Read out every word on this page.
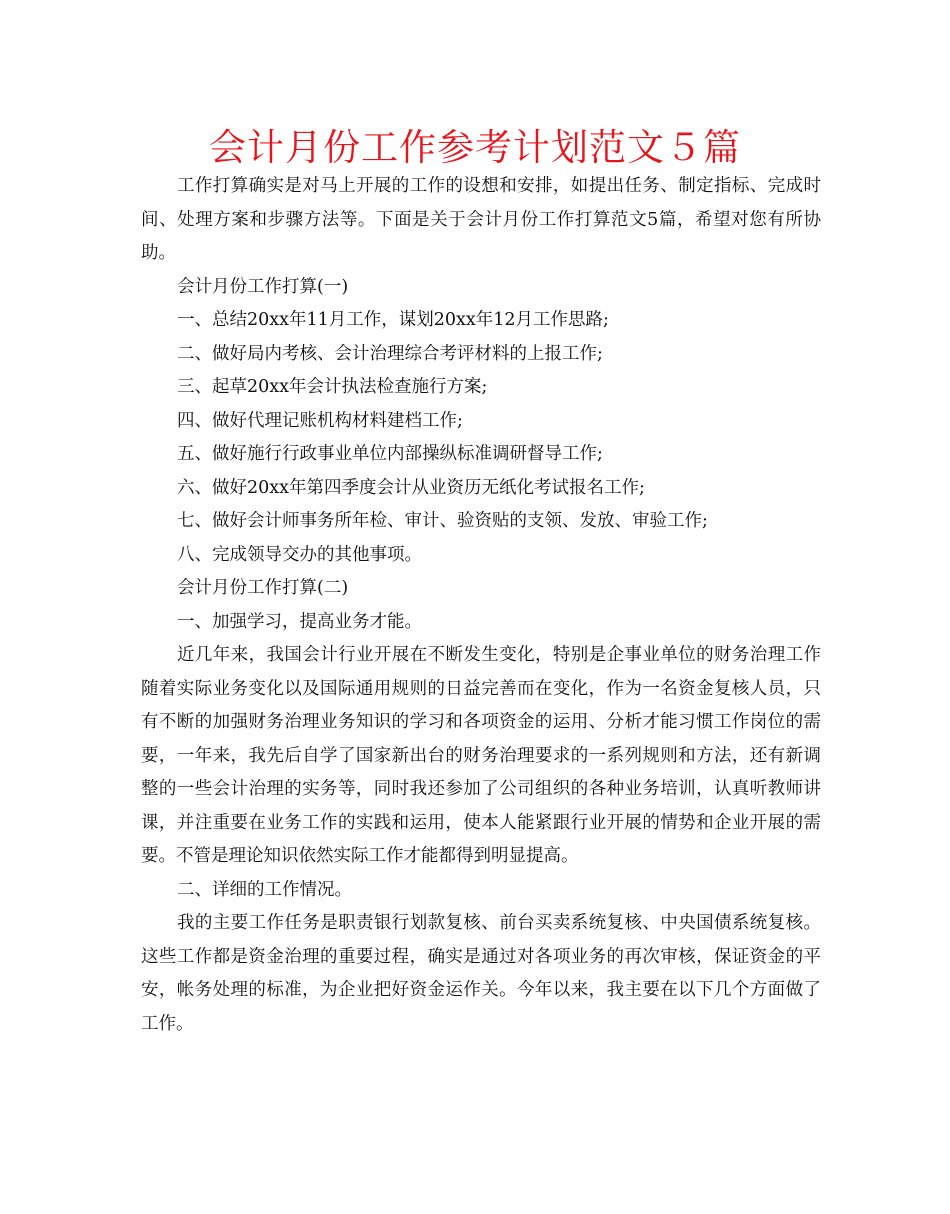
会计月份工作参考计划范文５篇

工作打算确实是对马上开展的工作的设想和安排，如提出任务、制定指标、完成时间、处理方案和步骤方法等。下面是关于会计月份工作打算范文5篇，希望对您有所协助。

会计月份工作打算(一)

一、总结20xx年11月工作，谋划20xx年12月工作思路;

二、做好局内考核、会计治理综合考评材料的上报工作;

三、起草20xx年会计执法检查施行方案;

四、做好代理记账机构材料建档工作;

五、做好施行行政事业单位内部操纵标准调研督导工作;

六、做好20xx年第四季度会计从业资历无纸化考试报名工作;

七、做好会计师事务所年检、审计、验资贴的支领、发放、审验工作;

八、完成领导交办的其他事项。

会计月份工作打算(二)

一、加强学习，提高业务才能。

近几年来，我国会计行业开展在不断发生变化，特别是企事业单位的财务治理工作随着实际业务变化以及国际通用规则的日益完善而在变化，作为一名资金复核人员，只有不断的加强财务治理业务知识的学习和各项资金的运用、分析才能习惯工作岗位的需要，一年来，我先后自学了国家新出台的财务治理要求的一系列规则和方法，还有新调整的一些会计治理的实务等，同时我还参加了公司组织的各种业务培训，认真听教师讲课，并注重要在业务工作的实践和运用，使本人能紧跟行业开展的情势和企业开展的需要。不管是理论知识依然实际工作才能都得到明显提高。

二、详细的工作情况。

我的主要工作任务是职责银行划款复核、前台买卖系统复核、中央国债系统复核。这些工作都是资金治理的重要过程，确实是通过对各项业务的再次审核，保证资金的平安，帐务处理的标准，为企业把好资金运作关。今年以来，我主要在以下几个方面做了工作。
